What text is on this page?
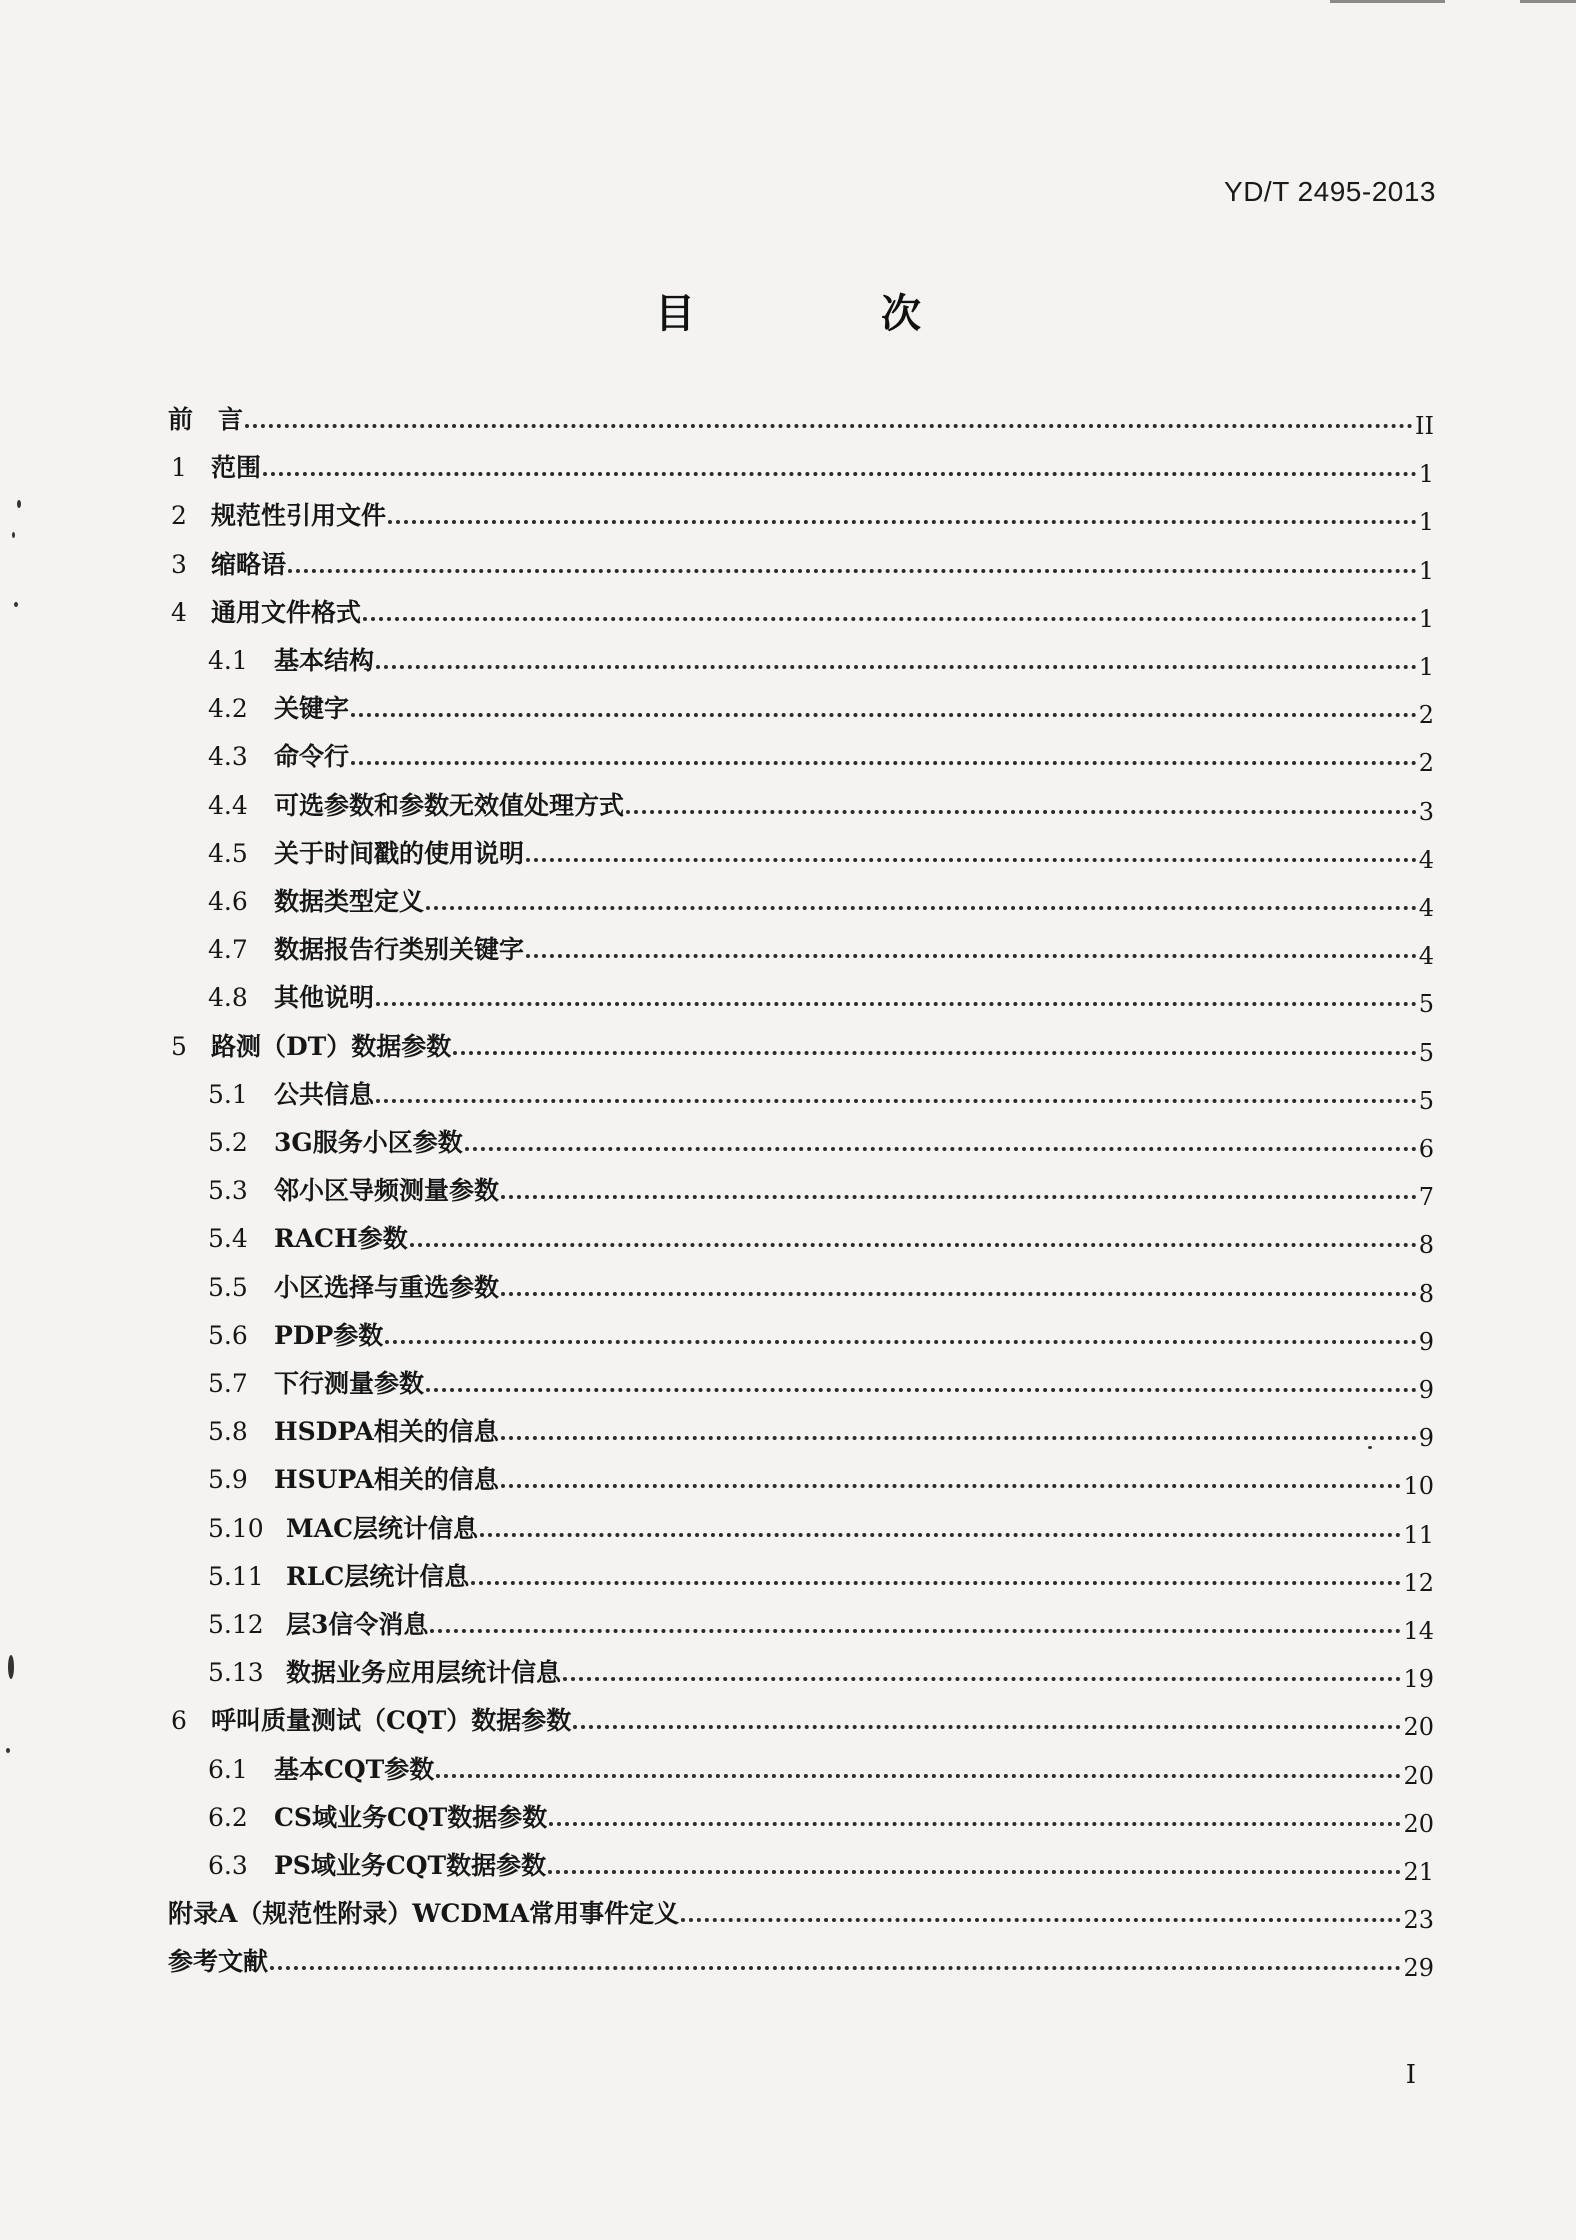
YD/T 2495-2013
目 次
前　言	II
1 范围	1
2 规范性引用文件	1
3 缩略语	1
4 通用文件格式	1
4.1	基本结构	1
4.2	关键字	2
4.3	命令行	2
4.4	可选参数和参数无效值处理方式	3
4.5	关于时间戳的使用说明	4
4.6	数据类型定义	4
4.7	数据报告行类别关键字	4
4.8	其他说明	5
5 路测（DT）数据参数	5
5.1	公共信息	5
5.2	3G服务小区参数	6
5.3	邻小区导频测量参数	7
5.4	RACH参数	8
5.5	小区选择与重选参数	8
5.6	PDP参数	9
5.7	下行测量参数	9
5.8	HSDPA相关的信息	9
5.9	HSUPA相关的信息	10
5.10 MAC层统计信息	11
5.11 RLC层统计信息	12
5.12 层3信令消息	14
5.13 数据业务应用层统计信息	19
6 呼叫质量测试（CQT）数据参数	20
6.1	基本CQT参数	20
6.2	CS域业务CQT数据参数	20
6.3	PS域业务CQT数据参数	21
附录A（规范性附录）WCDMA常用事件定义	23
参考文献	29
I
